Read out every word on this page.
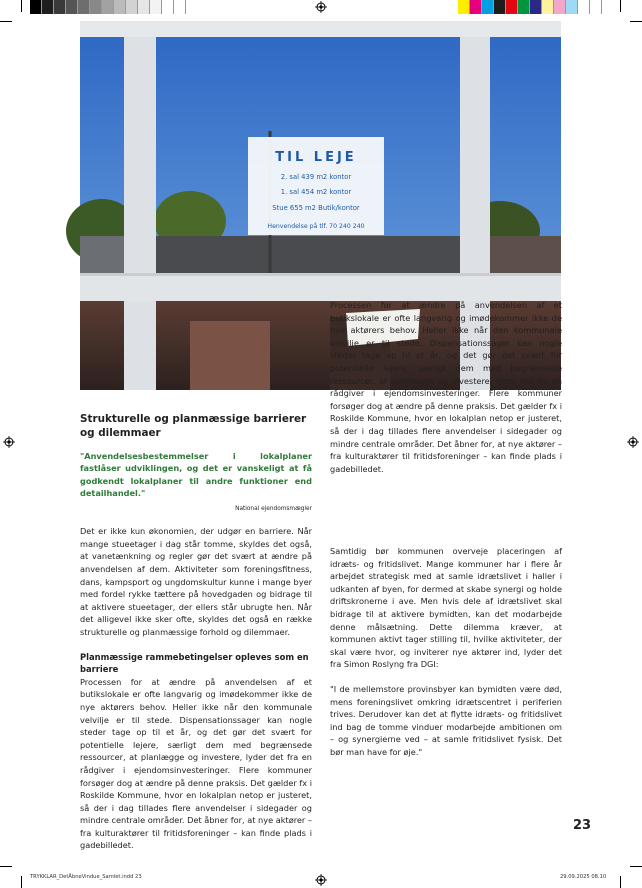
TIL LEJE
2. sal 439 m2 kontor
1. sal 454 m2 kontor
Stue 655 m2 Butik/kontor
Henvendelse på tlf. 70 240 240

Strukturelle og planmæssige barrierer og dilemmaer

"Anvendelsesbestemmelser i lokalplaner fastlåser udviklingen, og det er vanskeligt at få godkendt lokalplaner til andre funktioner end detailhandel."

National ejendomsmægler

Det er ikke kun økonomien, der udgør en barriere. Når mange stueetager i dag står tomme, skyldes det også, at vanetænkning og regler gør det svært at ændre på anvendelsen af dem. Aktiviteter som foreningsfitness, dans, kampsport og ungdomskultur kunne i mange byer med fordel rykke tættere på hovedgaden og bidrage til at aktivere stueetager, der ellers står ubrugte hen. Når det alligevel ikke sker ofte, skyldes det også en række strukturelle og planmæssige forhold og dilemmaer.

Planmæssige rammebetingelser opleves som en barriere

Processen for at ændre på anvendelsen af et butikslokale er ofte langvarig og imødekommer ikke de nye aktørers behov. Heller ikke når den kommunale velvilje er til stede. Dispensationssager kan nogle steder tage op til et år, og det gør det svært for potentielle lejere, særligt dem med begrænsede ressourcer, at planlægge og investere, lyder det fra en rådgiver i ejendomsinvesteringer. Flere kommuner forsøger dog at ændre på denne praksis. Det gælder fx i Roskilde Kommune, hvor en lokalplan netop er justeret, så der i dag tillades flere anvendelser i sidegader og mindre centrale områder. Det åbner for, at nye aktører – fra kulturaktører til fritidsforeninger – kan finde plads i gadebilledet.

Processen for at ændre på anvendelsen af et butikslokale er ofte langvarig og imødekommer ikke de nye aktørers behov. Heller ikke når den kommunale velvilje er til stede. Dispensationssager kan nogle steder tage op til et år, og det gør det svært for potentielle lejere, særligt dem med begrænsede ressourcer, at planlægge og investere, lyder det fra en rådgiver i ejendomsinvesteringer. Flere kommuner forsøger dog at ændre på denne praksis. Det gælder fx i Roskilde Kommune, hvor en lokalplan netop er justeret, så der i dag tillades flere anvendelser i sidegader og mindre centrale områder. Det åbner for, at nye aktører – fra kulturaktører til fritidsforeninger – kan finde plads i gadebilledet.

Samtidig bør kommunen overveje placeringen af idræts- og fritidslivet. Mange kommuner har i flere år arbejdet strategisk med at samle idrætslivet i haller i udkanten af byen, for dermed at skabe synergi og holde driftskronerne i ave. Men hvis dele af idrætslivet skal bidrage til at aktivere bymidten, kan det modarbejde denne målsætning. Dette dilemma kræver, at kommunen aktivt tager stilling til, hvilke aktiviteter, der skal være hvor, og inviterer nye aktører ind, lyder det fra Simon Roslyng fra DGI:

"I de mellemstore provinsbyer kan bymidten være død, mens foreningslivet omkring idrætscentret i periferien trives. Derudover kan det at flytte idræts- og fritidslivet ind bag de tomme vinduer modarbejde ambitionen om – og synergierne ved – at samle fritidslivet fysisk. Det bør man have for øje."

23
TRYKKLAR_DetÅbneVindue_Samlet.indd 23	29.09.2025 08.10
